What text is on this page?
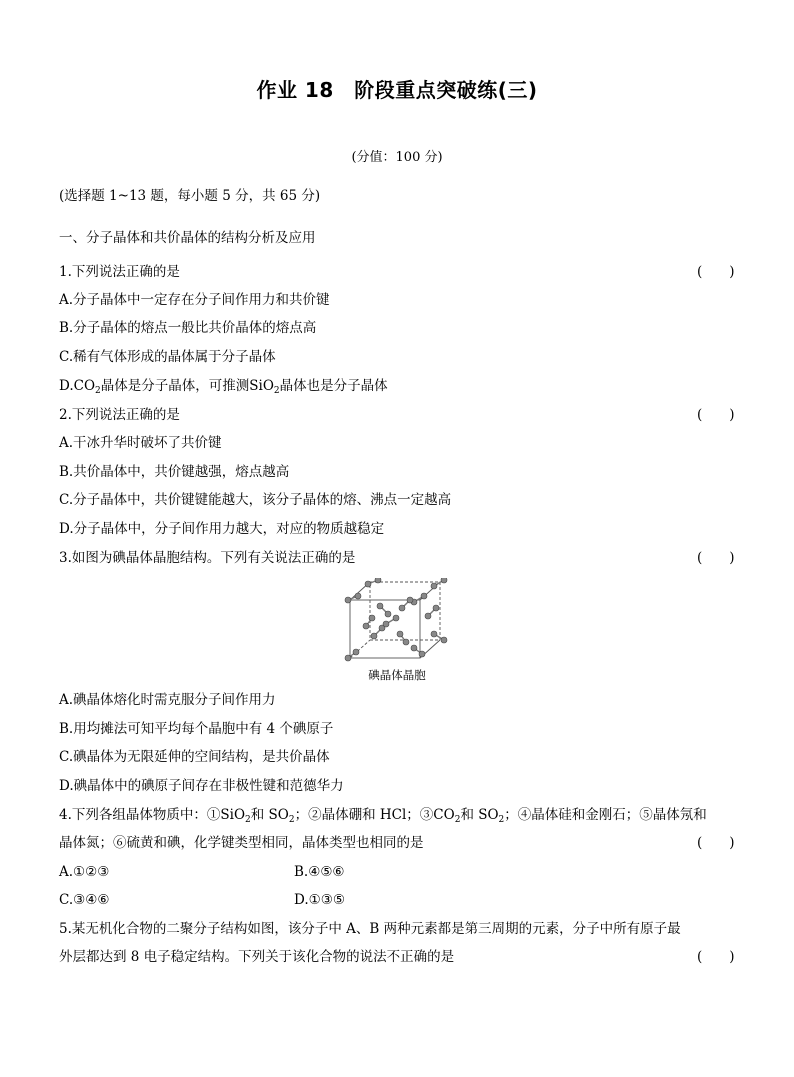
作业 18　阶段重点突破练(三)
(分值：100 分)
(选择题 1~13 题，每小题 5 分，共 65 分)
一、分子晶体和共价晶体的结构分析及应用
1.下列说法正确的是	(　　)
A.分子晶体中一定存在分子间作用力和共价键
B.分子晶体的熔点一般比共价晶体的熔点高
C.稀有气体形成的晶体属于分子晶体
$D.CO_2$晶体是分子晶体，可推测SiO$_2$晶体也是分子晶体
2.下列说法正确的是	(　　)
A.干冰升华时破坏了共价键
B.共价晶体中，共价键越强，熔点越高
C.分子晶体中，共价键键能越大，该分子晶体的熔、沸点一定越高
D.分子晶体中，分子间作用力越大，对应的物质越稳定
3.如图为碘晶体晶胞结构。下列有关说法正确的是	(　　)
碘晶体晶胞
A.碘晶体熔化时需克服分子间作用力
B.用均摊法可知平均每个晶胞中有 4 个碘原子
C.碘晶体为无限延伸的空间结构，是共价晶体
D.碘晶体中的碘原子间存在非极性键和范德华力
4.下列各组晶体物质中：①SiO$_2$和 $SO_2$；②晶体硼和 HCl；$③CO_2$和 $SO_2$；④晶体硅和金刚石；⑤晶体氖和
晶体氮；⑥硫黄和碘，化学键类型相同，晶体类型也相同的是	(　　)
A.①②③	B.④⑤⑥
C.③④⑥	D.①③⑤
5.某无机化合物的二聚分子结构如图，该分子中 A、B 两种元素都是第三周期的元素，分子中所有原子最
外层都达到 8 电子稳定结构。下列关于该化合物的说法不正确的是	(　　)
